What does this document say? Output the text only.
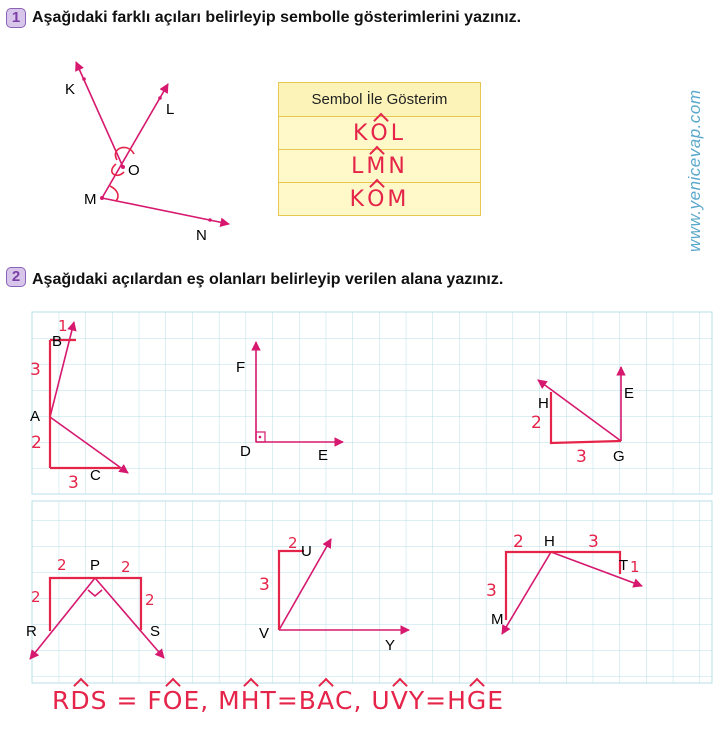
1 Aşağıdaki farklı açıları belirleyip sembolle gösterimlerini yazınız.
K
L
O
M
N
Sembol İle Gösterim
KOL
LMN
KOM	www.yenicevap.com
2 Aşağıdaki açılardan eş olanları belirleyip verilen alana yazınız.
B
A
C
1
3
2
3
F
D	E
H
E
G
2
3
P
R	S
2	2
2	2
U
V
Y
2
3
H
T
M
2	3
3
1
RDS = FOE, MHT=BAC, UVY=HGE
